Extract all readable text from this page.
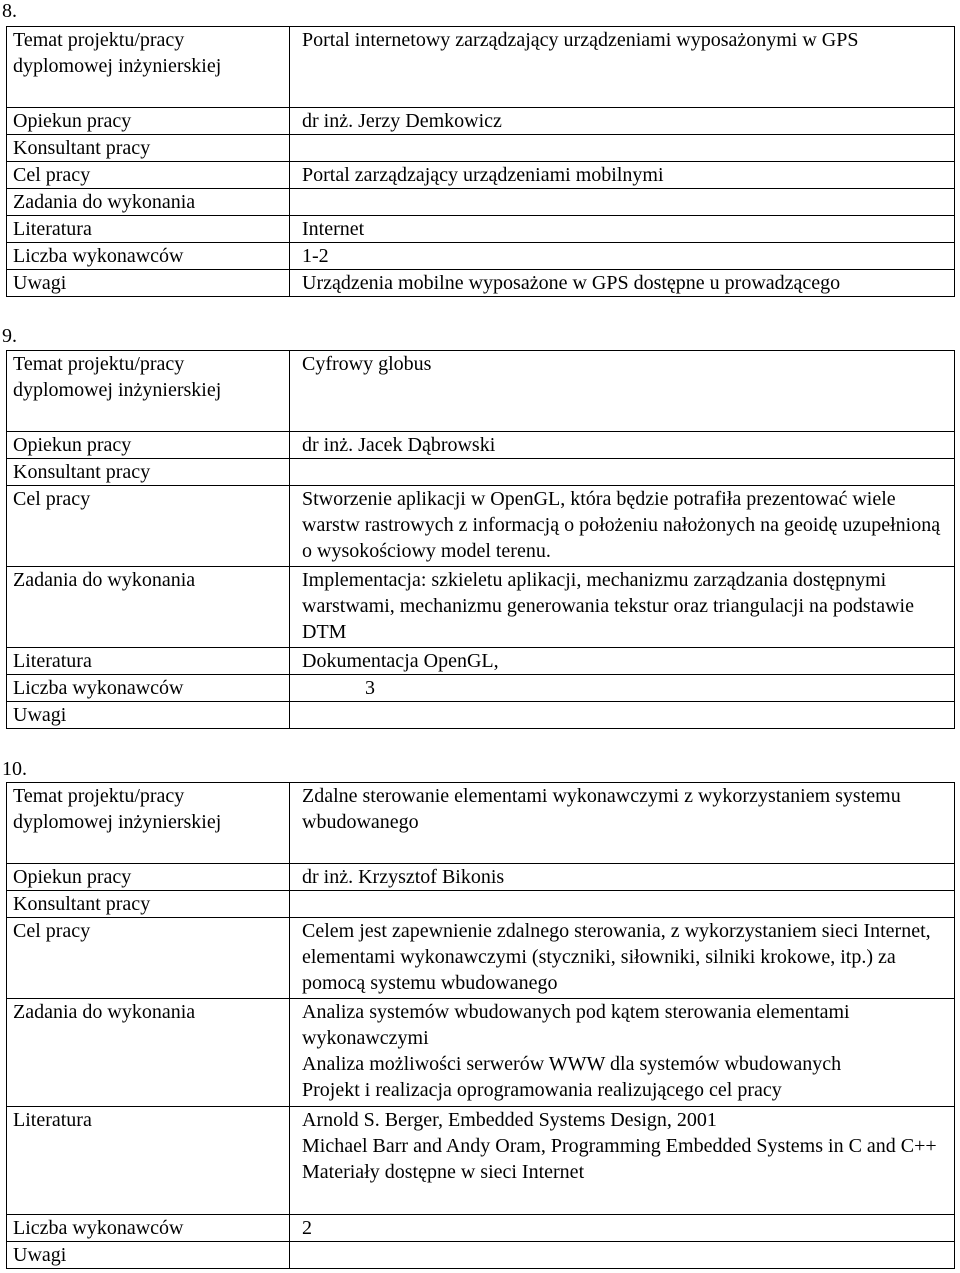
8.
Temat projektu/pracy dyplomowej inżynierskiej	Portal internetowy zarządzający urządzeniami wyposażonymi w GPS
Opiekun pracy	dr inż. Jerzy Demkowicz
Konsultant pracy	
Cel pracy	Portal zarządzający urządzeniami mobilnymi
Zadania do wykonania	
Literatura	Internet
Liczba wykonawców	1-2
Uwagi	Urządzenia mobilne wyposażone w GPS dostępne u prowadzącego
9.
Temat projektu/pracy dyplomowej inżynierskiej	Cyfrowy globus
Opiekun pracy	dr inż. Jacek Dąbrowski
Konsultant pracy	
Cel pracy	Stworzenie aplikacji w OpenGL, która będzie potrafiła prezentować wiele warstw rastrowych z informacją o położeniu nałożonych na geoidę uzupełnioną o wysokościowy model terenu.
Zadania do wykonania	Implementacja: szkieletu aplikacji, mechanizmu zarządzania dostępnymi warstwami, mechanizmu generowania tekstur oraz triangulacji na podstawie DTM
Literatura	Dokumentacja OpenGL,
Liczba wykonawców	3
Uwagi	
10.
Temat projektu/pracy dyplomowej inżynierskiej	Zdalne sterowanie elementami wykonawczymi z wykorzystaniem systemu wbudowanego
Opiekun pracy	dr inż. Krzysztof Bikonis
Konsultant pracy	
Cel pracy	Celem jest zapewnienie zdalnego sterowania, z wykorzystaniem sieci Internet, elementami wykonawczymi (styczniki, siłowniki, silniki krokowe, itp.) za pomocą systemu wbudowanego
Zadania do wykonania	Analiza systemów wbudowanych pod kątem sterowania elementami wykonawczymi
Analiza możliwości serwerów WWW dla systemów wbudowanych
Projekt i realizacja oprogramowania realizującego cel pracy

Literatura	Arnold S. Berger, Embedded Systems Design, 2001
Michael Barr and Andy Oram, Programming Embedded Systems in C and C++
Materiały dostępne w sieci Internet

Liczba wykonawców	2
Uwagi	
